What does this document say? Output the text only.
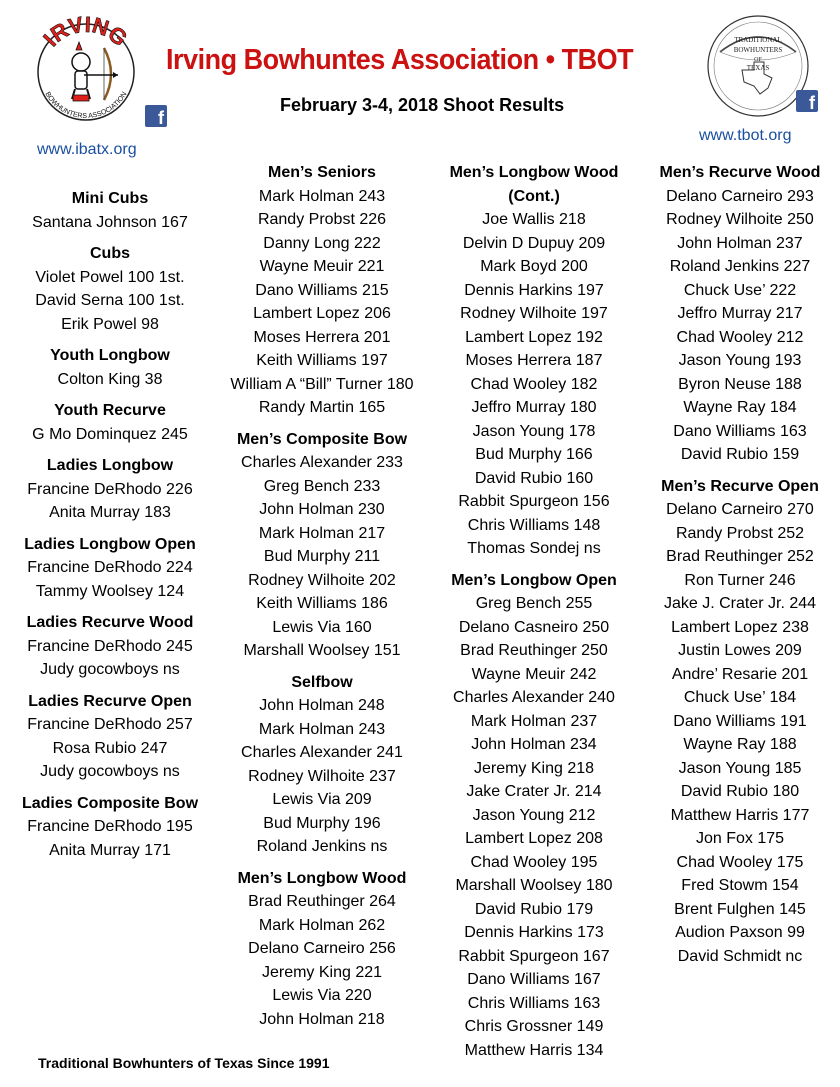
IRVING
BOWHUNTERS ASSOCIATION
Irving Bowhuntes Association • TBOT
February 3-4, 2018 Shoot Results
f
www.ibatx.org
TRADITIONAL
BOWHUNTERS
OF
TEXAS
f
www.tbot.org
Mini Cubs
Santana Johnson 167
Cubs
Violet Powel 100 1st.
David Serna 100 1st.
Erik Powel 98
Youth Longbow
Colton King 38
Youth Recurve
G Mo Dominquez 245
Ladies Longbow
Francine DeRhodo 226
Anita Murray 183
Ladies Longbow Open
Francine DeRhodo 224
Tammy Woolsey 124
Ladies Recurve Wood
Francine DeRhodo 245
Judy gocowboys ns
Ladies Recurve Open
Francine DeRhodo 257
Rosa Rubio 247
Judy gocowboys ns
Ladies Composite Bow
Francine DeRhodo 195
Anita Murray 171
Men’s Seniors
Mark Holman 243
Randy Probst 226
Danny Long 222
Wayne Meuir 221
Dano Williams 215
Lambert Lopez 206
Moses Herrera 201
Keith Williams 197
William A “Bill” Turner 180
Randy Martin 165
Men’s Composite Bow
Charles Alexander 233
Greg Bench 233
John Holman 230
Mark Holman 217
Bud Murphy 211
Rodney Wilhoite 202
Keith Williams 186
Lewis Via 160
Marshall Woolsey 151
Selfbow
John Holman 248
Mark Holman 243
Charles Alexander 241
Rodney Wilhoite 237
Lewis Via 209
Bud Murphy 196
Roland Jenkins ns
Men’s Longbow Wood
Brad Reuthinger 264
Mark Holman 262
Delano Carneiro 256
Jeremy King 221
Lewis Via 220
John Holman 218
Men’s Longbow Wood (Cont.)
Joe Wallis 218
Delvin D Dupuy 209
Mark Boyd 200
Dennis Harkins 197
Rodney Wilhoite 197
Lambert Lopez 192
Moses Herrera 187
Chad Wooley 182
Jeffro Murray 180
Jason Young 178
Bud Murphy 166
David Rubio 160
Rabbit Spurgeon 156
Chris Williams 148
Thomas Sondej ns
Men’s Longbow Open
Greg Bench 255
Delano Casneiro 250
Brad Reuthinger 250
Wayne Meuir 242
Charles Alexander 240
Mark Holman 237
John Holman 234
Jeremy King 218
Jake Crater Jr. 214
Jason Young 212
Lambert Lopez 208
Chad Wooley 195
Marshall Woolsey 180
David Rubio 179
Dennis Harkins 173
Rabbit Spurgeon 167
Dano Williams 167
Chris Williams 163
Chris Grossner 149
Matthew Harris 134
Men’s Recurve Wood
Delano Carneiro 293
Rodney Wilhoite 250
John Holman 237
Roland Jenkins 227
Chuck Use’ 222
Jeffro Murray 217
Chad Wooley 212
Jason Young 193
Byron Neuse 188
Wayne Ray 184
Dano Williams 163
David Rubio 159
Men’s Recurve Open
Delano Carneiro 270
Randy Probst 252
Brad Reuthinger 252
Ron Turner 246
Jake J. Crater Jr. 244
Lambert Lopez 238
Justin Lowes 209
Andre’ Resarie 201
Chuck Use’ 184
Dano Williams 191
Wayne Ray 188
Jason Young 185
David Rubio 180
Matthew Harris 177
Jon Fox 175
Chad Wooley 175
Fred Stowm 154
Brent Fulghen 145
Audion Paxson 99
David Schmidt nc
Traditional Bowhunters of Texas Since 1991
